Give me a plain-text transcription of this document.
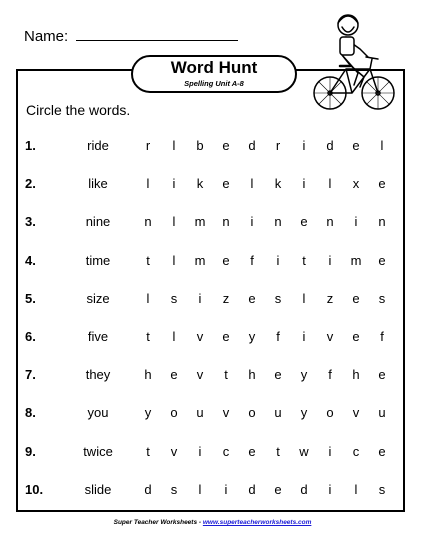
Name:
Word Hunt
Spelling Unit A-8
Circle the words.
1.	ride	r	l	b e d	r	i	d e	l
2.	like	l	i	k e	l	k	i	l	x e
3.	nine	n	l	m n	i	n e n	i	n
4.	time	t	l	m e	f	i	t	i	m e
5.	size	l	s	i	z e s	l	z e s
6.	five	t	l	v e y	f	i	v e	f
7.	they	h e v	t	h e y	f	h e
8.	you	y o u v o u y o v u
9.	twice	t	v	i	c e	t	w	i	c e
10.	slide	d s	l	i	d e d	i	l	s
Super Teacher Worksheets - www.superteacherworksheets.com
